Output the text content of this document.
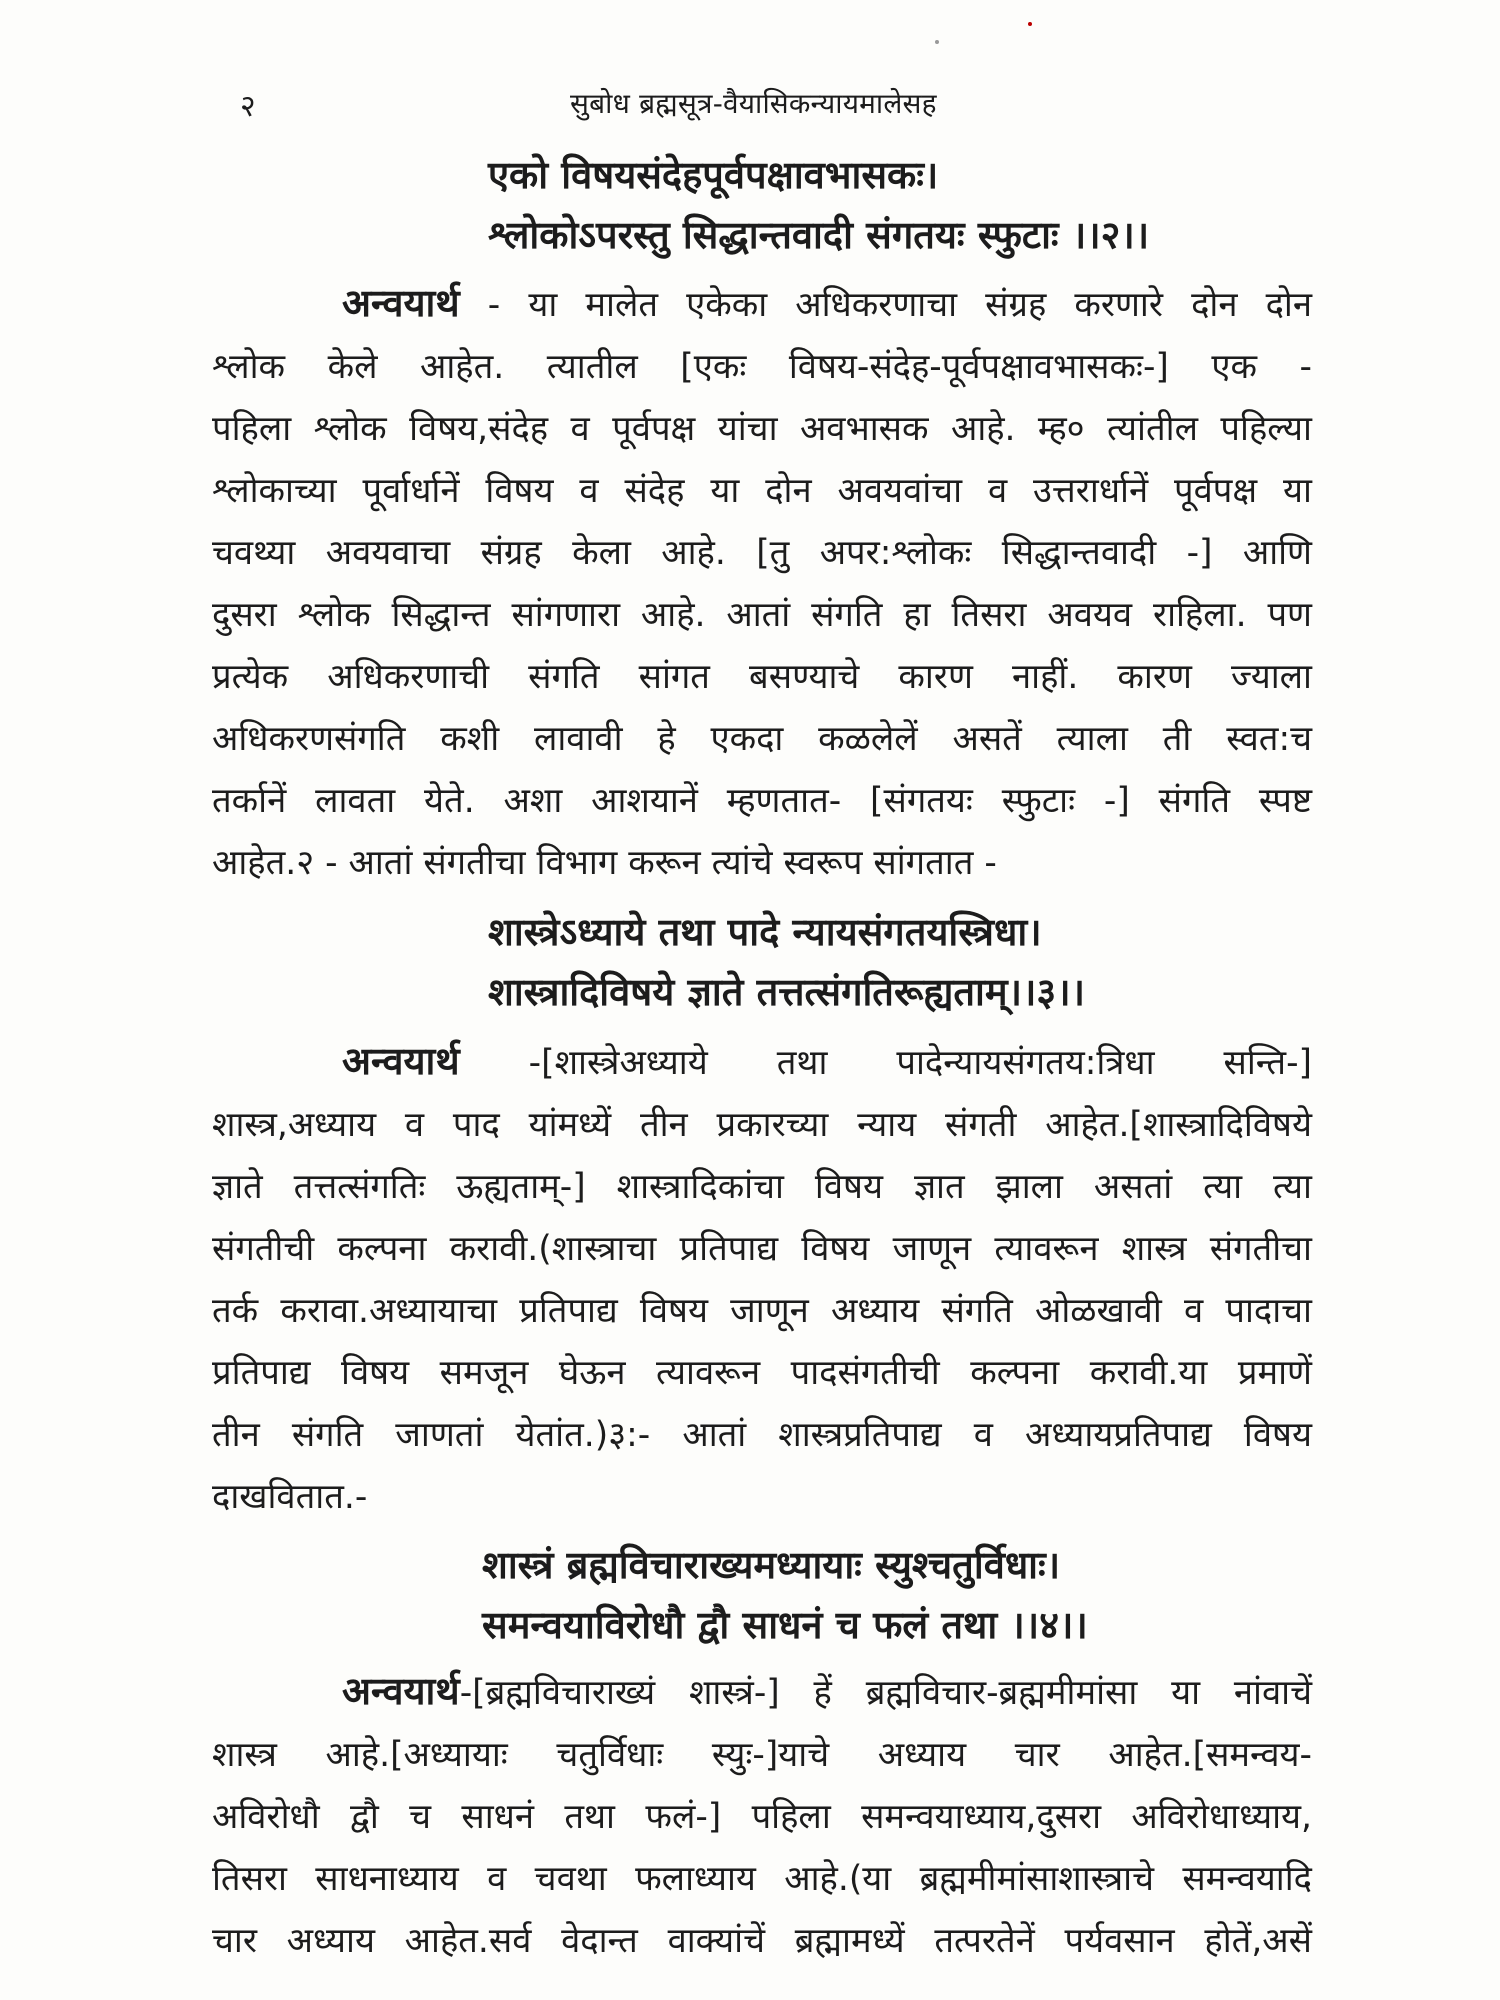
२	सुबोध ब्रह्मसूत्र-वैयासिकन्यायमालेसह
एको विषयसंदेहपूर्वपक्षावभासकः।
श्लोकोऽपरस्तु सिद्धान्तवादी संगतयः स्फुटाः ।।२।।
अन्वयार्थ - या मालेत एकेका अधिकरणाचा संग्रह करणारे दोन दोन
श्लोक केले आहेत. त्यातील [एकः विषय-संदेह-पूर्वपक्षावभासकः-] एक -
पहिला श्लोक विषय,संदेह व पूर्वपक्ष यांचा अवभासक आहे. म्ह० त्यांतील पहिल्या
श्लोकाच्या पूर्वार्धानें विषय व संदेह या दोन अवयवांचा व उत्तरार्धानें पूर्वपक्ष या
चवथ्या अवयवाचा संग्रह केला आहे. [तु अपर:श्लोकः सिद्धान्तवादी -] आणि
दुसरा श्लोक सिद्धान्त सांगणारा आहे. आतां संगति हा तिसरा अवयव राहिला. पण
प्रत्येक अधिकरणाची संगति सांगत बसण्याचे कारण नाहीं. कारण ज्याला
अधिकरणसंगति कशी लावावी हे एकदा कळलेलें असतें त्याला ती स्वत:च
तर्कानें लावता येते. अशा आशयानें म्हणतात- [संगतयः स्फुटाः -] संगति स्पष्ट
आहेत.२ - आतां संगतीचा विभाग करून त्यांचे स्वरूप सांगतात -
शास्त्रेऽध्याये तथा पादे न्यायसंगतयस्त्रिधा।
शास्त्रादिविषये ज्ञाते तत्तत्संगतिरूह्यताम्।।३।।
अन्वयार्थ -[शास्त्रेअध्याये तथा पादेन्यायसंगतय:त्रिधा सन्ति-]
शास्त्र,अध्याय व पाद यांमध्यें तीन प्रकारच्या न्याय संगती आहेत.[शास्त्रादिविषये
ज्ञाते तत्तत्संगतिः ऊह्यताम्-] शास्त्रादिकांचा विषय ज्ञात झाला असतां त्या त्या
संगतीची कल्पना करावी.(शास्त्राचा प्रतिपाद्य विषय जाणून त्यावरून शास्त्र संगतीचा
तर्क करावा.अध्यायाचा प्रतिपाद्य विषय जाणून अध्याय संगति ओळखावी व पादाचा
प्रतिपाद्य विषय समजून घेऊन त्यावरून पादसंगतीची कल्पना करावी.या प्रमाणें
तीन संगति जाणतां येतांत.)३:- आतां शास्त्रप्रतिपाद्य व अध्यायप्रतिपाद्य विषय
दाखवितात.-
शास्त्रं ब्रह्मविचाराख्यमध्यायाः स्युश्चतुर्विधाः।
समन्वयाविरोधौ द्वौ साधनं च फलं तथा ।।४।।
अन्वयार्थ-[ब्रह्मविचाराख्यं शास्त्रं-] हें ब्रह्मविचार-ब्रह्ममीमांसा या नांवाचें
शास्त्र आहे.[अध्यायाः चतुर्विधाः स्युः-]याचे अध्याय चार आहेत.[समन्वय-
अविरोधौ द्वौ च साधनं तथा फलं-] पहिला समन्वयाध्याय,दुसरा अविरोधाध्याय,
तिसरा साधनाध्याय व चवथा फलाध्याय आहे.(या ब्रह्ममीमांसाशास्त्राचे समन्वयादि
चार अध्याय आहेत.सर्व वेदान्त वाक्यांचें ब्रह्मामध्यें तत्परतेनें पर्यवसान होतें,असें
